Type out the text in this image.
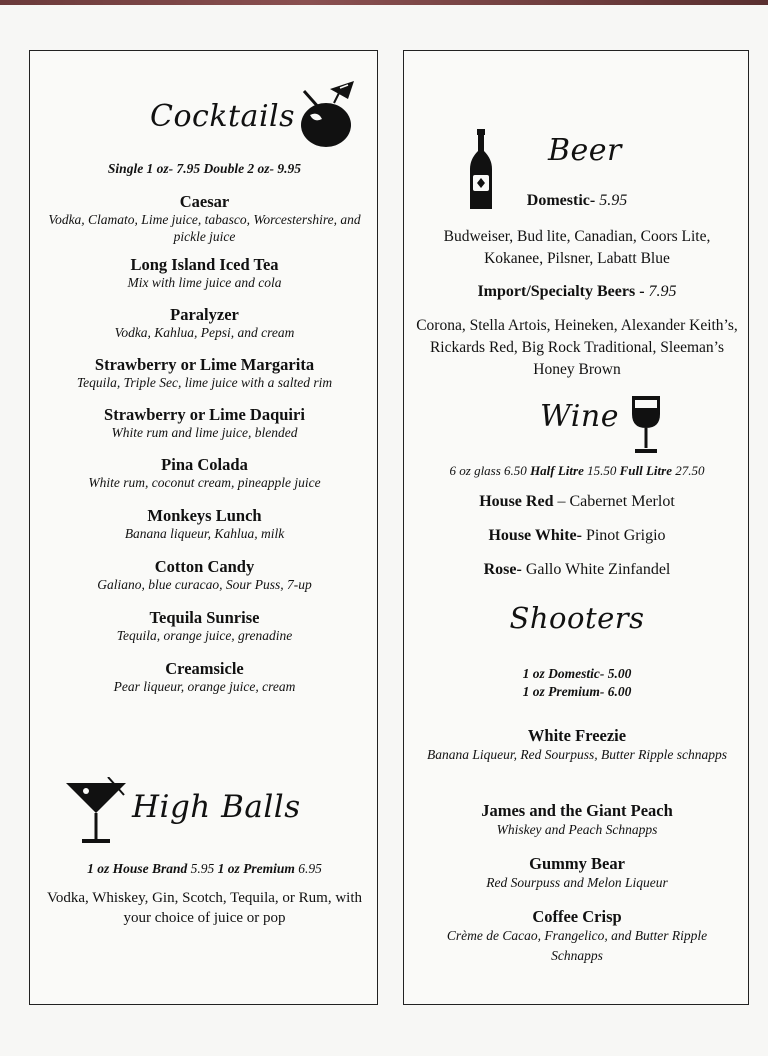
Cocktails
Single 1 oz- 7.95 Double 2 oz- 9.95
Caesar
Vodka, Clamato, Lime juice, tabasco, Worcestershire, and pickle juice
Long Island Iced Tea
Mix with lime juice and cola
Paralyzer
Vodka, Kahlua, Pepsi, and cream
Strawberry or Lime Margarita
Tequila, Triple Sec, lime juice with a salted rim
Strawberry or Lime Daquiri
White rum and lime juice, blended
Pina Colada
White rum, coconut cream, pineapple juice
Monkeys Lunch
Banana liqueur, Kahlua, milk
Cotton Candy
Galiano, blue curacao, Sour Puss, 7-up
Tequila Sunrise
Tequila, orange juice, grenadine
Creamsicle
Pear liqueur, orange juice, cream
High Balls
1 oz House Brand 5.95 1 oz Premium 6.95
Vodka, Whiskey, Gin, Scotch, Tequila, or Rum, with your choice of juice or pop
Beer
Domestic- 5.95
Budweiser, Bud lite, Canadian, Coors Lite, Kokanee, Pilsner, Labatt Blue
Import/Specialty Beers - 7.95
Corona, Stella Artois, Heineken, Alexander Keith’s, Rickards Red, Big Rock Traditional, Sleeman’s Honey Brown
Wine
6 oz glass 6.50 Half Litre 15.50 Full Litre 27.50
House Red – Cabernet Merlot
House White- Pinot Grigio
Rose- Gallo White Zinfandel
Shooters
1 oz Domestic- 5.00
1 oz Premium- 6.00
White Freezie
Banana Liqueur, Red Sourpuss, Butter Ripple schnapps
James and the Giant Peach
Whiskey and Peach Schnapps
Gummy Bear
Red Sourpuss and Melon Liqueur
Coffee Crisp
Crème de Cacao, Frangelico, and Butter Ripple Schnapps
